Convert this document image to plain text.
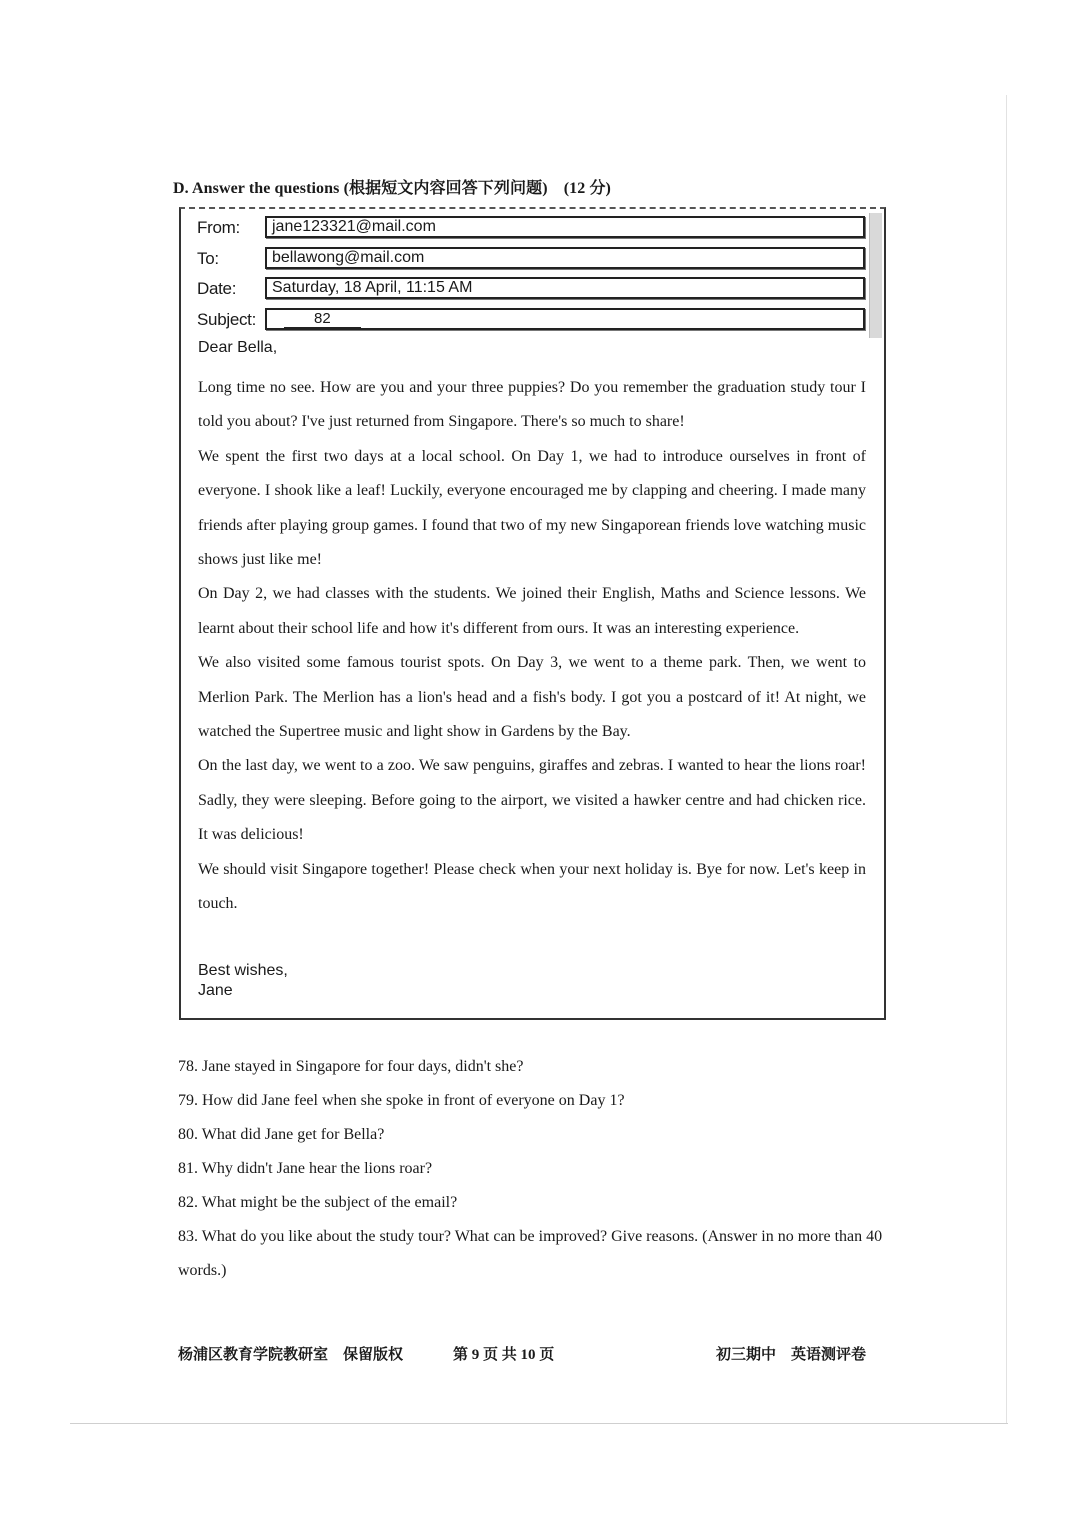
D. Answer the questions (根据短文内容回答下列问题)　(12 分)
From:	jane123321@mail.com
To:	bellawong@mail.com
Date:	Saturday, 18 April, 11:15 AM
Subject:	82
Dear Bella,

Long time no see. How are you and your three puppies? Do you remember the graduation study tour I told you about? I've just returned from Singapore. There's so much to share!

We spent the first two days at a local school. On Day 1, we had to introduce ourselves in front of everyone. I shook like a leaf! Luckily, everyone encouraged me by clapping and cheering. I made many friends after playing group games. I found that two of my new Singaporean friends love watching music shows just like me!

On Day 2, we had classes with the students. We joined their English, Maths and Science lessons. We learnt about their school life and how it's different from ours. It was an interesting experience.

We also visited some famous tourist spots. On Day 3, we went to a theme park. Then, we went to Merlion Park. The Merlion has a lion's head and a fish's body. I got you a postcard of it! At night, we watched the Supertree music and light show in Gardens by the Bay.

On the last day, we went to a zoo. We saw penguins, giraffes and zebras. I wanted to hear the lions roar! Sadly, they were sleeping. Before going to the airport, we visited a hawker centre and had chicken rice. It was delicious!

We should visit Singapore together! Please check when your next holiday is. Bye for now. Let's keep in touch.

Best wishes,
Jane

78. Jane stayed in Singapore for four days, didn't she?

79. How did Jane feel when she spoke in front of everyone on Day 1?

80. What did Jane get for Bella?

81. Why didn't Jane hear the lions roar?

82. What might be the subject of the email?

83. What do you like about the study tour? What can be improved? Give reasons. (Answer in no more than 40 words.)

杨浦区教育学院教研室　保留版权	第 9 页 共 10 页	初三期中　英语测评卷
